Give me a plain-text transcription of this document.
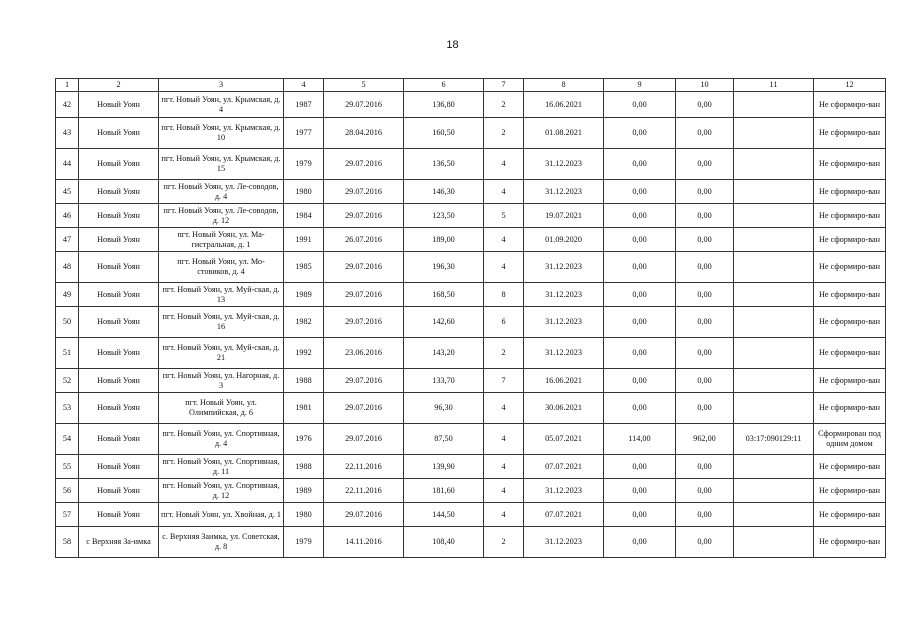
18
1	2	3	4	5	6	7	8	9	10	11	12
42	Новый Уоян	пгт. Новый Уоян, ул. Крымская, д. 4	1987	29.07.2016	136,80	2	16.06.2021	0,00	0,00		Не сформиро-ван
43	Новый Уоян	пгт. Новый Уоян, ул. Крымская, д. 10	1977	28.04.2016	160,50	2	01.08.2021	0,00	0,00		Не сформиро-ван
44	Новый Уоян	пгт. Новый Уоян, ул. Крымская, д. 15	1979	29.07.2016	136,50	4	31.12.2023	0,00	0,00		Не сформиро-ван
45	Новый Уоян	пгт. Новый Уоян, ул. Ле-соводов, д. 4	1980	29.07.2016	146,30	4	31.12.2023	0,00	0,00		Не сформиро-ван
46	Новый Уоян	пгт. Новый Уоян, ул. Ле-соводов, д. 12	1984	29.07.2016	123,50	5	19.07.2021	0,00	0,00		Не сформиро-ван
47	Новый Уоян	пгт. Новый Уоян, ул. Ма-гистральная, д. 1	1991	26.07.2016	189,00	4	01.09.2020	0,00	0,00		Не сформиро-ван
48	Новый Уоян	пгт. Новый Уоян, ул. Мо-стовиков, д. 4	1985	29.07.2016	196,30	4	31.12.2023	0,00	0,00		Не сформиро-ван
49	Новый Уоян	пгт. Новый Уоян, ул. Муй-ская, д. 13	1989	29.07.2016	168,50	8	31.12.2023	0,00	0,00		Не сформиро-ван
50	Новый Уоян	пгт. Новый Уоян, ул. Муй-ская, д. 16	1982	29.07.2016	142,60	6	31.12.2023	0,00	0,00		Не сформиро-ван
51	Новый Уоян	пгт. Новый Уоян, ул. Муй-ская, д. 21	1992	23.06.2016	143,20	2	31.12.2023	0,00	0,00		Не сформиро-ван
52	Новый Уоян	пгт. Новый Уоян, ул. Нагорная, д. 3	1988	29.07.2016	133,70	7	16.06.2021	0,00	0,00		Не сформиро-ван
53	Новый Уоян	пгт. Новый Уоян, ул. Олимпийская, д. 6	1981	29.07.2016	96,30	4	30.06.2021	0,00	0,00		Не сформиро-ван
54	Новый Уоян	пгт. Новый Уоян, ул. Спортивная, д. 4	1976	29.07.2016	87,50	4	05.07.2021	114,00	962,00	03:17:090129:11	Сформирован под одним домом
55	Новый Уоян	пгт. Новый Уоян, ул. Спортивная, д. 11	1988	22.11.2016	139,90	4	07.07.2021	0,00	0,00		Не сформиро-ван
56	Новый Уоян	пгт. Новый Уоян, ул. Спортивная, д. 12	1989	22.11.2016	181,60	4	31.12.2023	0,00	0,00		Не сформиро-ван
57	Новый Уоян	пгт. Новый Уоян, ул. Хвойная, д. 1	1980	29.07.2016	144,50	4	07.07.2021	0,00	0,00		Не сформиро-ван
58	с Верхняя За-имка	с. Верхняя Заимка, ул. Советская, д. 8	1979	14.11.2016	108,40	2	31.12.2023	0,00	0,00		Не сформиро-ван
